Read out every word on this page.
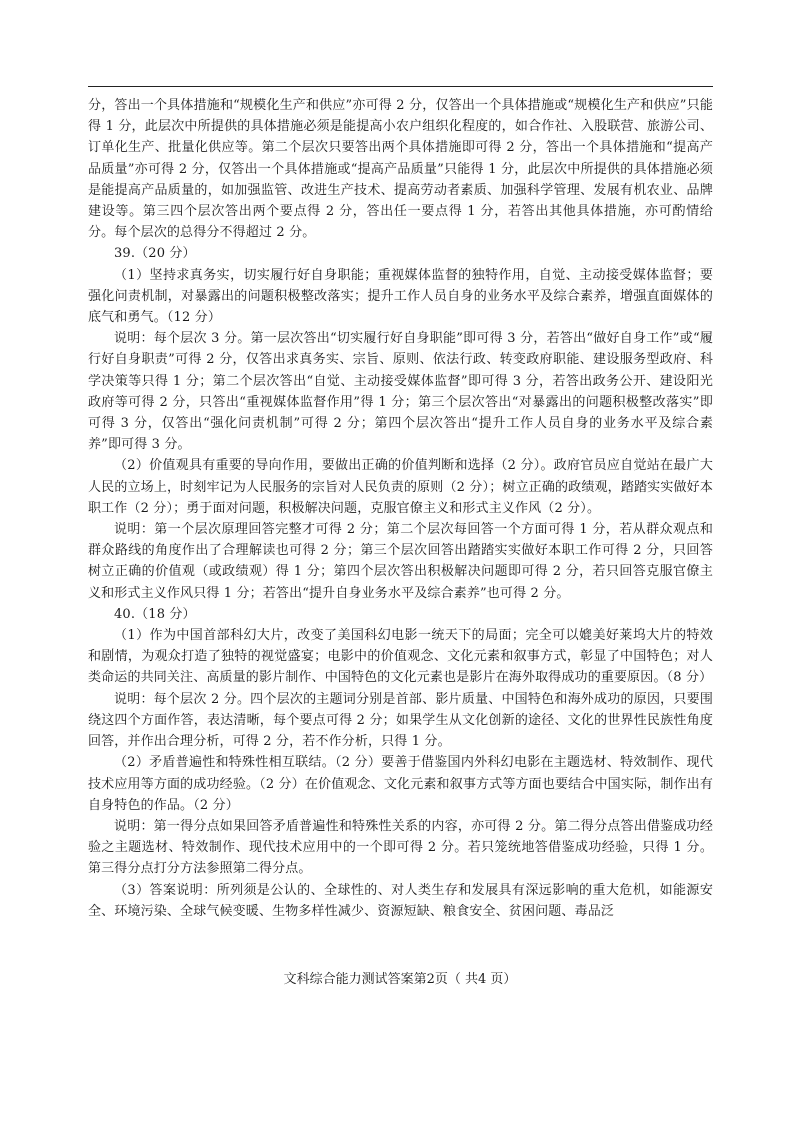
分，答出一个具体措施和“规模化生产和供应”亦可得 2 分，仅答出一个具体措施或“规模化生产和供应”只能得 1 分，此层次中所提供的具体措施必须是能提高小农户组织化程度的，如合作社、入股联营、旅游公司、订单化生产、批量化供应等。第二个层次只要答出两个具体措施即可得 2 分，答出一个具体措施和“提高产品质量”亦可得 2 分，仅答出一个具体措施或“提高产品质量”只能得 1 分，此层次中所提供的具体措施必须是能提高产品质量的，如加强监管、改进生产技术、提高劳动者素质、加强科学管理、发展有机农业、品牌建设等。第三四个层次答出两个要点得 2 分，答出任一要点得 1 分，若答出其他具体措施，亦可酌情给分。每个层次的总得分不得超过 2 分。

39.（20 分）

（1）坚持求真务实，切实履行好自身职能；重视媒体监督的独特作用，自觉、主动接受媒体监督；要强化问责机制，对暴露出的问题积极整改落实；提升工作人员自身的业务水平及综合素养，增强直面媒体的底气和勇气。（12 分）

说明：每个层次 3 分。第一层次答出“切实履行好自身职能”即可得 3 分，若答出“做好自身工作”或“履行好自身职责”可得 2 分，仅答出求真务实、宗旨、原则、依法行政、转变政府职能、建设服务型政府、科学决策等只得 1 分；第二个层次答出“自觉、主动接受媒体监督”即可得 3 分，若答出政务公开、建设阳光政府等可得 2 分，只答出“重视媒体监督作用”得 1 分；第三个层次答出“对暴露出的问题积极整改落实”即可得 3 分，仅答出“强化问责机制”可得 2 分；第四个层次答出“提升工作人员自身的业务水平及综合素养”即可得 3 分。

（2）价值观具有重要的导向作用，要做出正确的价值判断和选择（2 分）。政府官员应自觉站在最广大人民的立场上，时刻牢记为人民服务的宗旨对人民负责的原则（2 分）；树立正确的政绩观，踏踏实实做好本职工作（2 分）；勇于面对问题，积极解决问题，克服官僚主义和形式主义作风（2 分）。

说明：第一个层次原理回答完整才可得 2 分；第二个层次每回答一个方面可得 1 分，若从群众观点和群众路线的角度作出了合理解读也可得 2 分；第三个层次回答出踏踏实实做好本职工作可得 2 分，只回答树立正确的价值观（或政绩观）得 1 分；第四个层次答出积极解决问题即可得 2 分，若只回答克服官僚主义和形式主义作风只得 1 分；若答出“提升自身业务水平及综合素养”也可得 2 分。

40.（18 分）

（1）作为中国首部科幻大片，改变了美国科幻电影一统天下的局面；完全可以媲美好莱坞大片的特效和剧情，为观众打造了独特的视觉盛宴；电影中的价值观念、文化元素和叙事方式，彰显了中国特色；对人类命运的共同关注、高质量的影片制作、中国特色的文化元素也是影片在海外取得成功的重要原因。（8 分）

说明：每个层次 2 分。四个层次的主题词分别是首部、影片质量、中国特色和海外成功的原因，只要围绕这四个方面作答，表达清晰，每个要点可得 2 分；如果学生从文化创新的途径、文化的世界性民族性角度回答，并作出合理分析，可得 2 分，若不作分析，只得 1 分。

（2）矛盾普遍性和特殊性相互联结。（2 分）要善于借鉴国内外科幻电影在主题选材、特效制作、现代技术应用等方面的成功经验。（2 分）在价值观念、文化元素和叙事方式等方面也要结合中国实际，制作出有自身特色的作品。（2 分）

说明：第一得分点如果回答矛盾普遍性和特殊性关系的内容，亦可得 2 分。第二得分点答出借鉴成功经验之主题选材、特效制作、现代技术应用中的一个即可得 2 分。若只笼统地答借鉴成功经验，只得 1 分。第三得分点打分方法参照第二得分点。

（3）答案说明：所列须是公认的、全球性的、对人类生存和发展具有深远影响的重大危机，如能源安全、环境污染、全球气候变暖、生物多样性减少、资源短缺、粮食安全、贫困问题、毒品泛

文科综合能力测试答案第2页（ 共4 页）
